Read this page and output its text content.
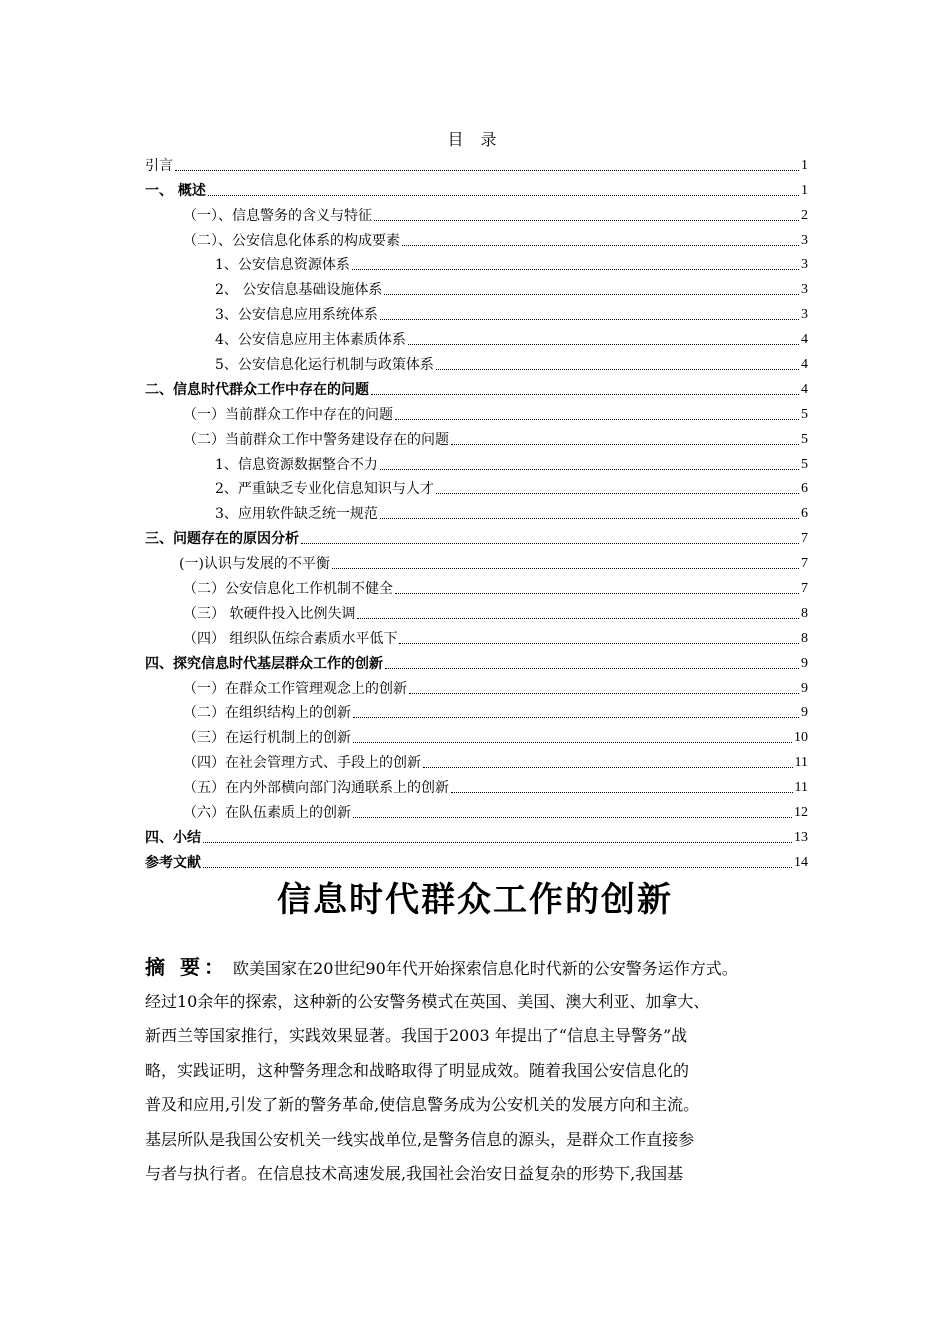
目 录
引言	1
一、 概述	1
（一）、信息警务的含义与特征	2
（二）、公安信息化体系的构成要素	3
1、公安信息资源体系	3
2、 公安信息基础设施体系	3
3、公安信息应用系统体系	3
4、公安信息应用主体素质体系	4
5、公安信息化运行机制与政策体系	4
二、信息时代群众工作中存在的问题	4
（一）当前群众工作中存在的问题	5
（二）当前群众工作中警务建设存在的问题	5
1、信息资源数据整合不力	5
2、严重缺乏专业化信息知识与人才	6
3、应用软件缺乏统一规范	6
三、问题存在的原因分析	7
(一)认识与发展的不平衡	7
（二）公安信息化工作机制不健全	7
（三） 软硬件投入比例失调	8
（四） 组织队伍综合素质水平低下	8
四、探究信息时代基层群众工作的创新	9
（一）在群众工作管理观念上的创新	9
（二）在组织结构上的创新	9
（三）在运行机制上的创新	10
（四）在社会管理方式、手段上的创新	11
（五）在内外部横向部门沟通联系上的创新	11
（六）在队伍素质上的创新	12
四、小结	13
参考文献	14
信息时代群众工作的创新
摘 要： 欧美国家在20世纪90年代开始探索信息化时代新的公安警务运作方式。
经过10余年的探索，这种新的公安警务模式在英国、美国、澳大利亚、加拿大、
新西兰等国家推行，实践效果显著。我国于2003 年提出了“信息主导警务”战
略，实践证明，这种警务理念和战略取得了明显成效。随着我国公安信息化的
普及和应用,引发了新的警务革命,使信息警务成为公安机关的发展方向和主流。
基层所队是我国公安机关一线实战单位,是警务信息的源头，是群众工作直接参
与者与执行者。在信息技术高速发展,我国社会治安日益复杂的形势下,我国基
